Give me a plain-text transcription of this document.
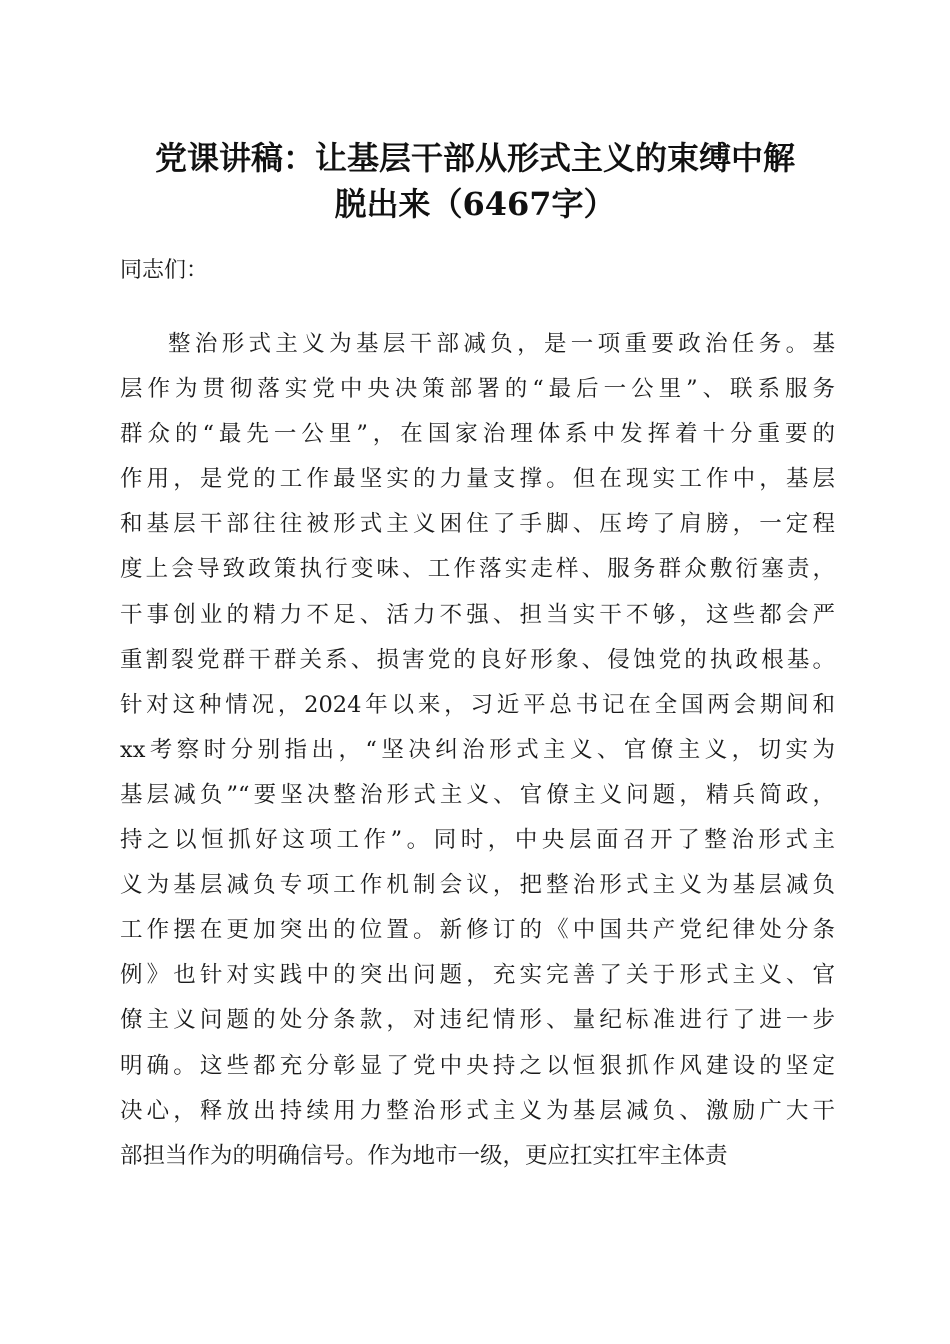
党课讲稿：让基层干部从形式主义的束缚中解
脱出来（6467字）
同志们：
整治形式主义为基层干部减负，是一项重要政治任务。基
层作为贯彻落实党中央决策部署的“最后一公里”、联系服务
群众的“最先一公里”，在国家治理体系中发挥着十分重要的
作用，是党的工作最坚实的力量支撑。但在现实工作中，基层
和基层干部往往被形式主义困住了手脚、压垮了肩膀，一定程
度上会导致政策执行变味、工作落实走样、服务群众敷衍塞责，
干事创业的精力不足、活力不强、担当实干不够，这些都会严
重割裂党群干群关系、损害党的良好形象、侵蚀党的执政根基。
针对这种情况，2024年以来，习近平总书记在全国两会期间和
xx考察时分别指出，“坚决纠治形式主义、官僚主义，切实为
基层减负”“要坚决整治形式主义、官僚主义问题，精兵简政，
持之以恒抓好这项工作”。同时，中央层面召开了整治形式主
义为基层减负专项工作机制会议，把整治形式主义为基层减负
工作摆在更加突出的位置。新修订的《中国共产党纪律处分条
例》也针对实践中的突出问题，充实完善了关于形式主义、官
僚主义问题的处分条款，对违纪情形、量纪标准进行了进一步
明确。这些都充分彰显了党中央持之以恒狠抓作风建设的坚定
决心，释放出持续用力整治形式主义为基层减负、激励广大干
部担当作为的明确信号。作为地市一级，更应扛实扛牢主体责
